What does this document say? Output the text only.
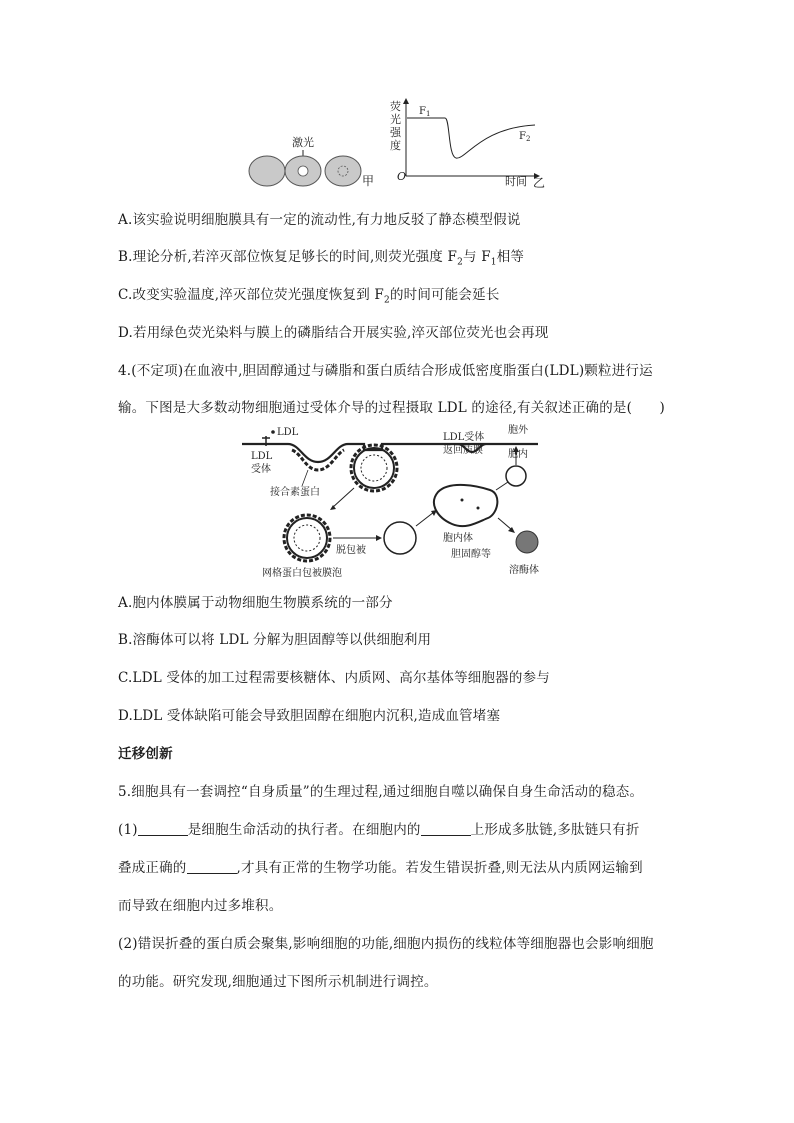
激光
甲
荧
光
强
度
O	时间 乙
$F_1$
$F_2$
A.该实验说明细胞膜具有一定的流动性,有力地反驳了静态模型假说
B.理论分析,若淬灭部位恢复足够长的时间,则荧光强度 $F_2$与 $F_1$相等
C.改变实验温度,淬灭部位荧光强度恢复到 $F_2$的时间可能会延长
D.若用绿色荧光染料与膜上的磷脂结合开展实验,淬灭部位荧光也会再现
4.(不定项)在血液中,胆固醇通过与磷脂和蛋白质结合形成低密度脂蛋白(LDL)颗粒进行运
输。下图是大多数动物细胞通过受体介导的过程摄取 LDL 的途径,有关叙述正确的是(　　)
LDL
LDL
受体
接合素蛋白
网格蛋白包被膜泡
脱包被
胞内体
胆固醇等
LDL受体
返回质膜
胞外
胞内
溶酶体
A.胞内体膜属于动物细胞生物膜系统的一部分
B.溶酶体可以将 LDL 分解为胆固醇等以供细胞利用
C.LDL 受体的加工过程需要核糖体、内质网、高尔基体等细胞器的参与
D.LDL 受体缺陷可能会导致胆固醇在细胞内沉积,造成血管堵塞
迁移创新
5.细胞具有一套调控“自身质量”的生理过程,通过细胞自噬以确保自身生命活动的稳态。
(1)	是细胞生命活动的执行者。在细胞内的	上形成多肽链,多肽链只有折
叠成正确的	,才具有正常的生物学功能。若发生错误折叠,则无法从内质网运输到
而导致在细胞内过多堆积。
(2)错误折叠的蛋白质会聚集,影响细胞的功能,细胞内损伤的线粒体等细胞器也会影响细胞
的功能。研究发现,细胞通过下图所示机制进行调控。
